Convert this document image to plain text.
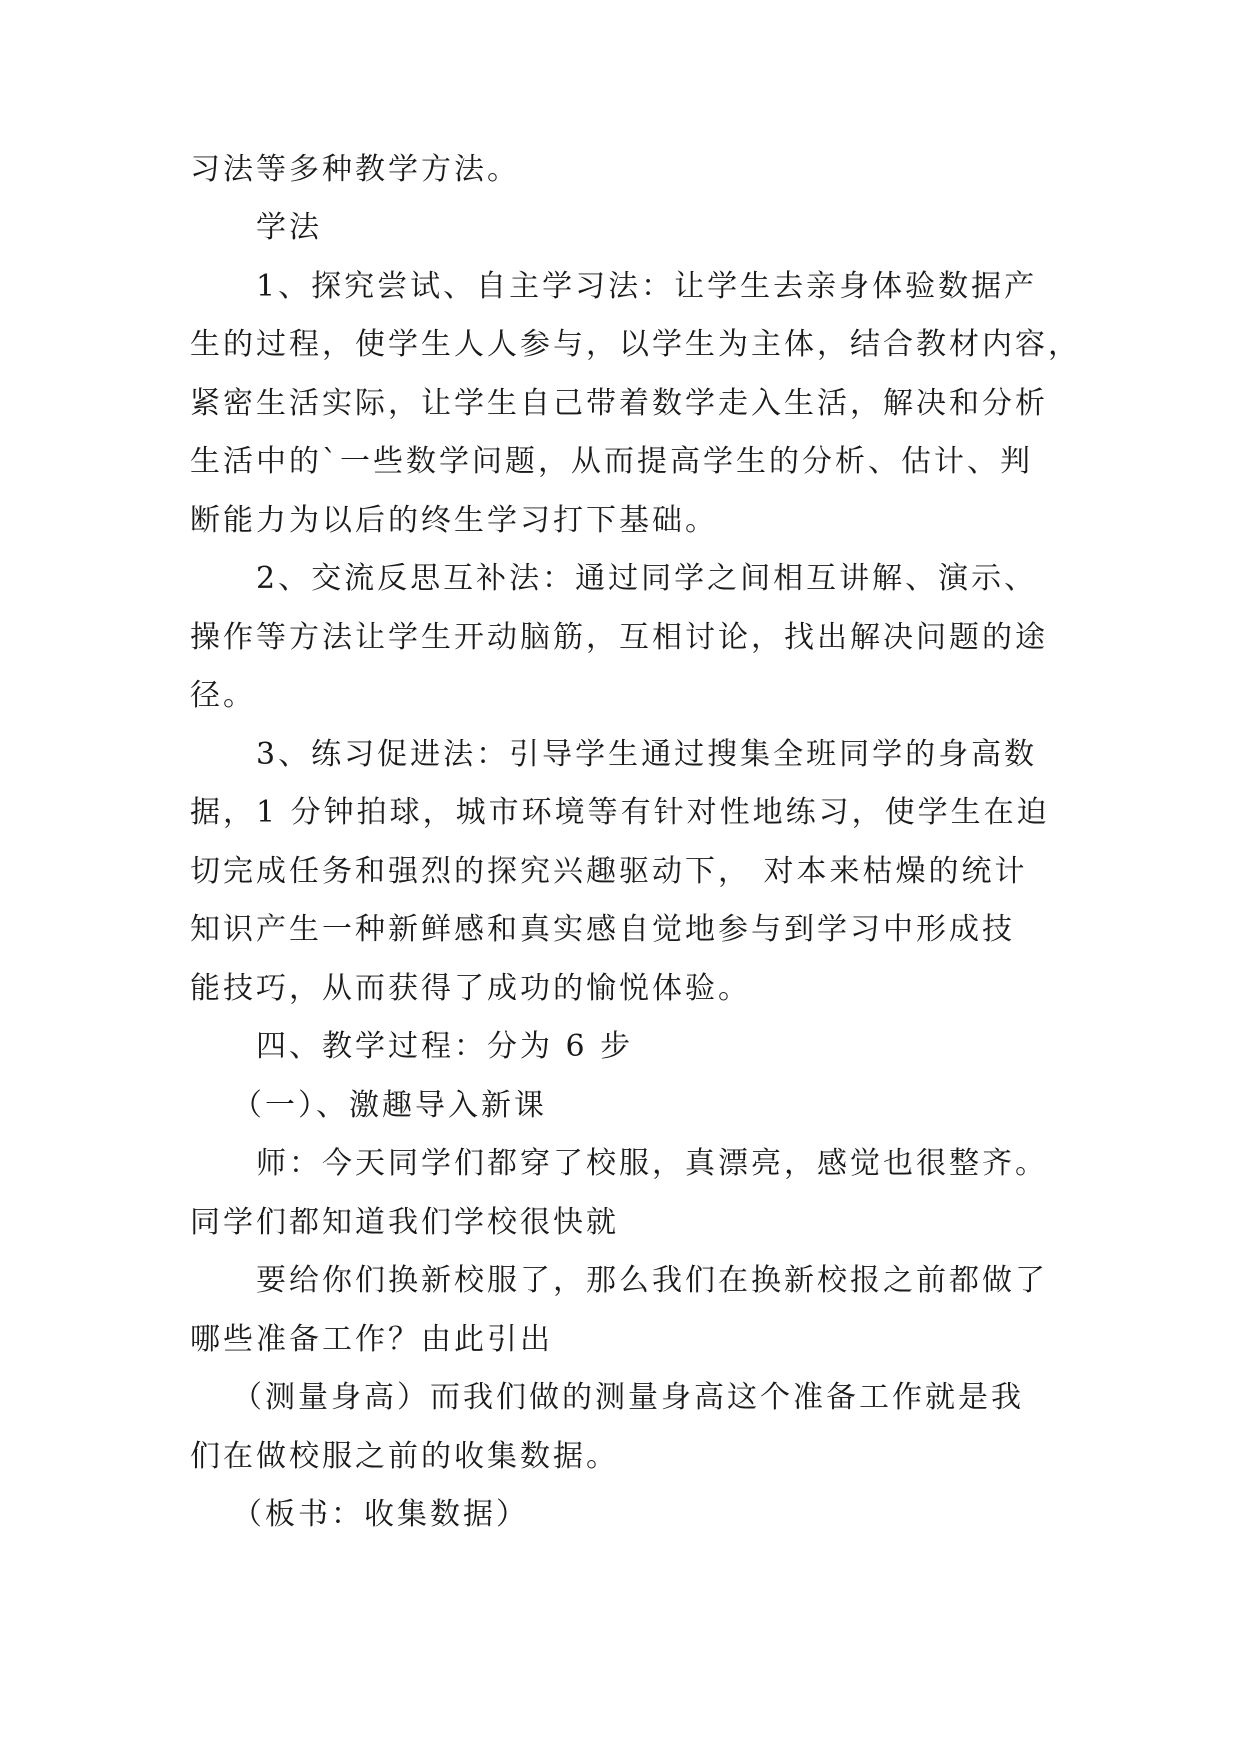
习法等多种教学方法。
学法
1、探究尝试、自主学习法：让学生去亲身体验数据产
生的过程，使学生人人参与，以学生为主体，结合教材内容，
紧密生活实际，让学生自己带着数学走入生活，解决和分析
生活中的`一些数学问题，从而提高学生的分析、估计、判
断能力为以后的终生学习打下基础。
2、交流反思互补法：通过同学之间相互讲解、演示、
操作等方法让学生开动脑筋，互相讨论，找出解决问题的途
径。
3、练习促进法：引导学生通过搜集全班同学的身高数
据，1 分钟拍球，城市环境等有针对性地练习，使学生在迫
切完成任务和强烈的探究兴趣驱动下， 对本来枯燥的统计
知识产生一种新鲜感和真实感自觉地参与到学习中形成技
能技巧，从而获得了成功的愉悦体验。
四、教学过程：分为 6 步
（一）、激趣导入新课
师：今天同学们都穿了校服，真漂亮，感觉也很整齐。
同学们都知道我们学校很快就
要给你们换新校服了，那么我们在换新校报之前都做了
哪些准备工作？由此引出
（测量身高）而我们做的测量身高这个准备工作就是我
们在做校服之前的收集数据。
（板书：收集数据）
